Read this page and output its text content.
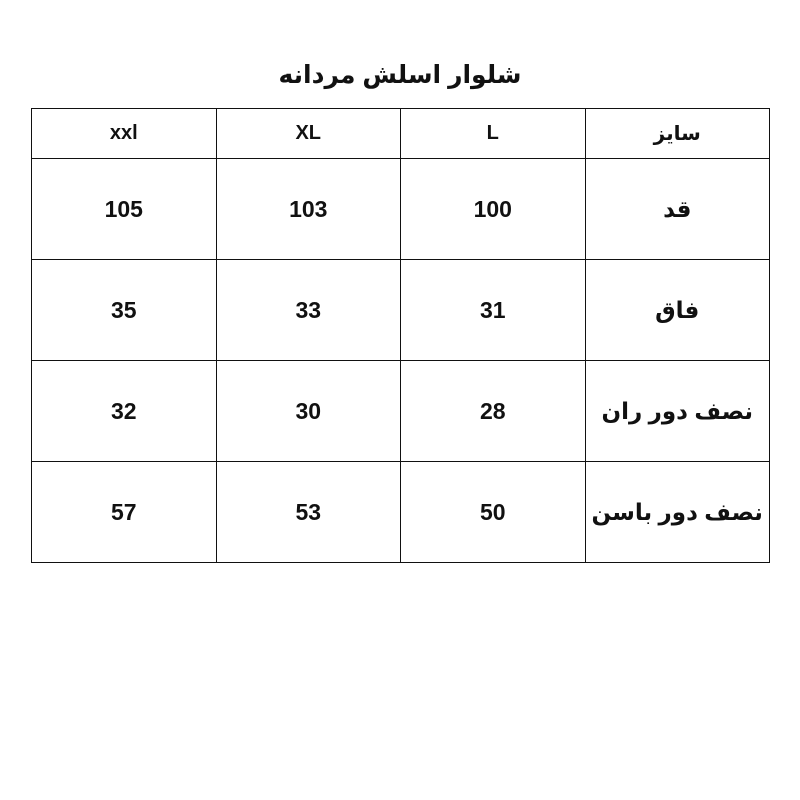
شلوار اسلش مردانه
xxl	XL	L	سایز
105	103	100	قد
35	33	31	فاق
32	30	28	نصف دور ران
57	53	50	نصف دور باسن
